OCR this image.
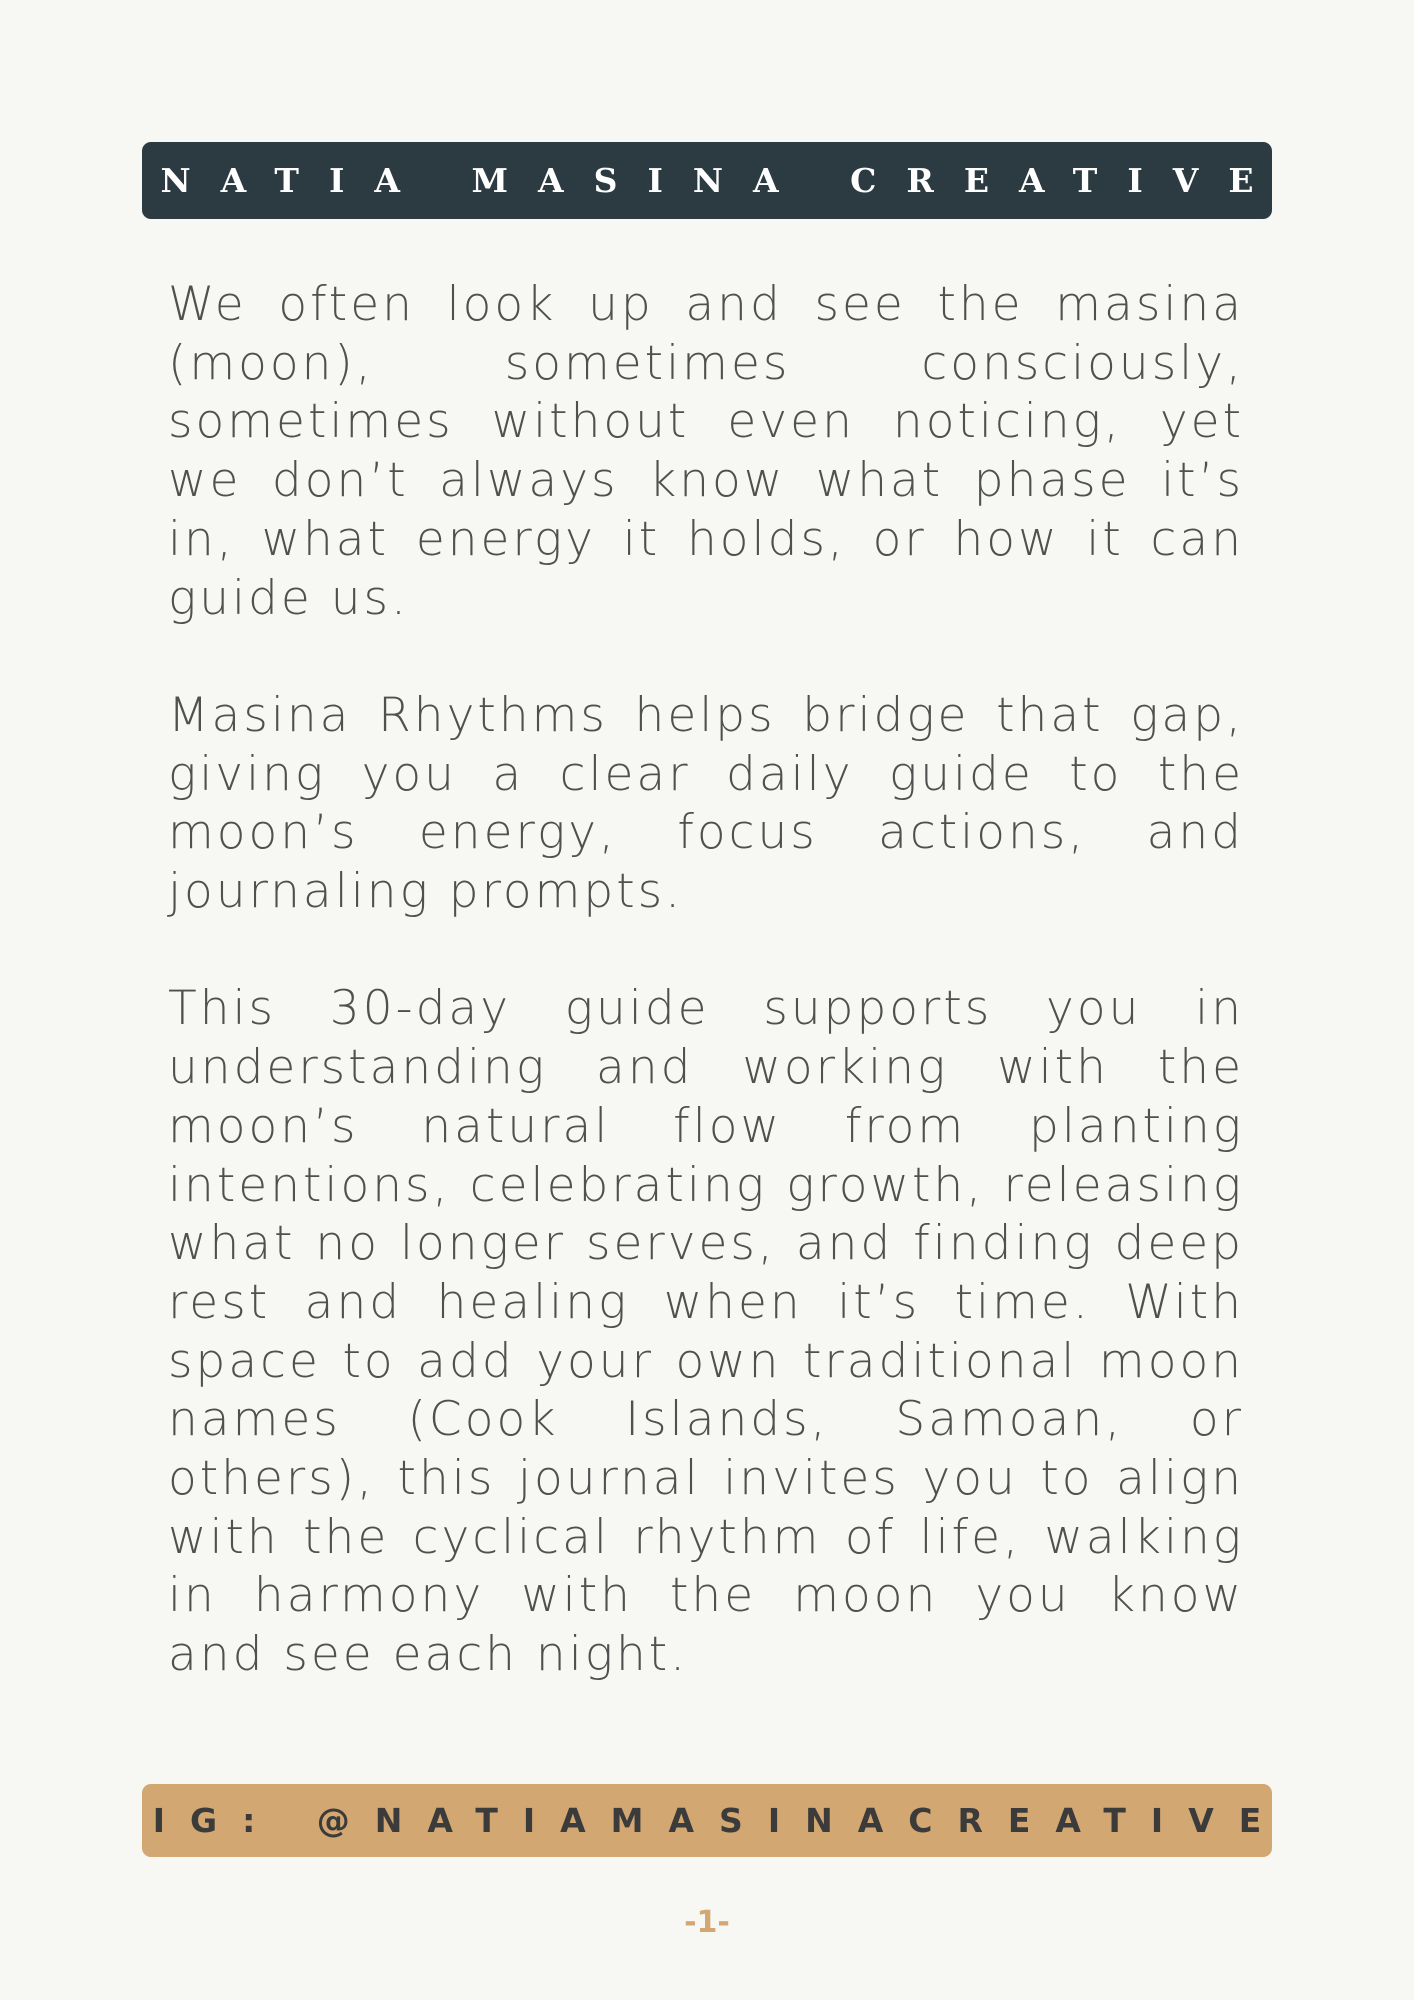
NATIA MASINA CREATIVE

We often look up and see the masina (moon), sometimes consciously, sometimes without even noticing, yet we don’t always know what phase it’s in, what energy it holds, or how it can guide us.

Masina Rhythms helps bridge that gap, giving you a clear daily guide to the moon’s energy, focus actions, and journaling prompts.

This 30-day guide supports you in understanding and working with the moon’s natural flow from planting intentions, celebrating growth, releasing what no longer serves, and finding deep rest and healing when it’s time. With space to add your own traditional moon names (Cook Islands, Samoan, or others), this journal invites you to align with the cyclical rhythm of life, walking in harmony with the moon you know and see each night.

IG: @NATIAMASINACREATIVE
-1-
